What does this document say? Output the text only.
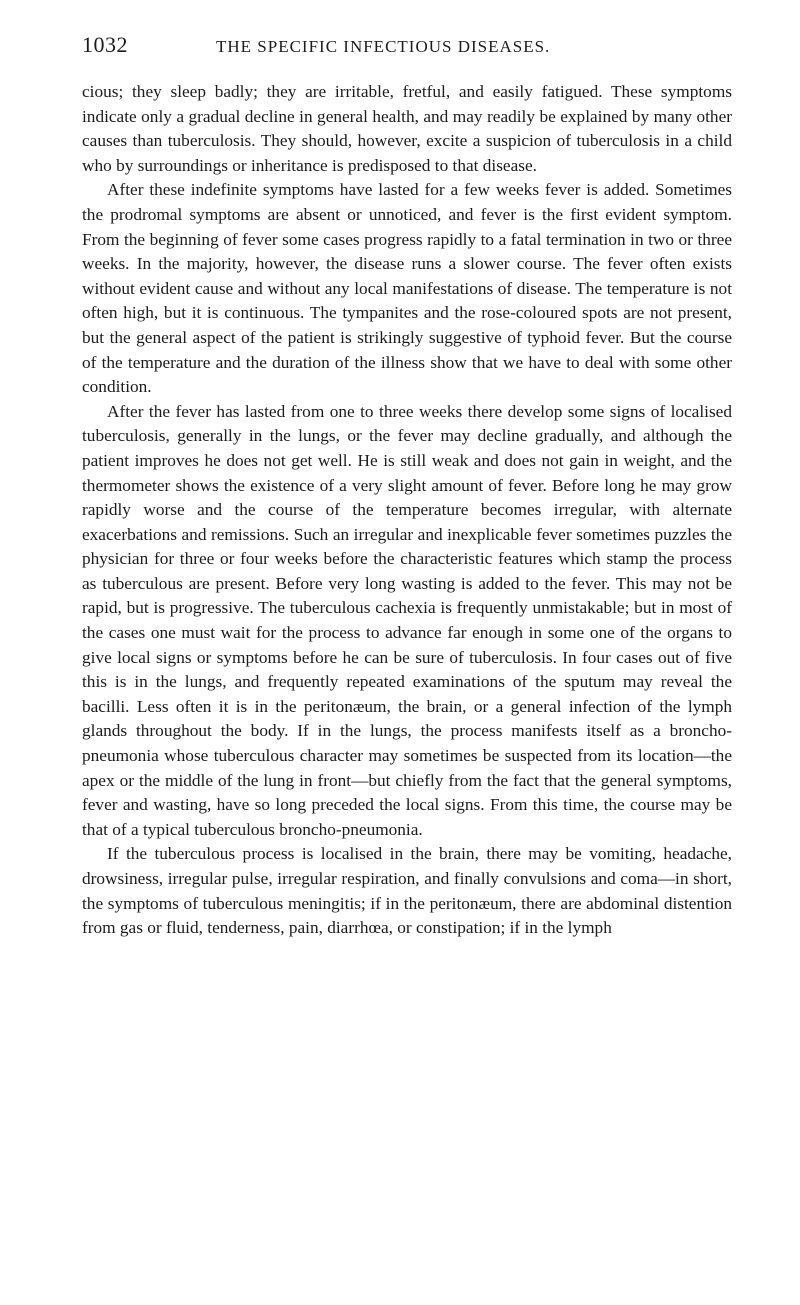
1032	THE SPECIFIC INFECTIOUS DISEASES.

cious; they sleep badly; they are irritable, fretful, and easily fatigued. These symptoms indicate only a gradual decline in general health, and may readily be explained by many other causes than tuberculosis. They should, however, excite a suspicion of tuberculosis in a child who by surroundings or inheritance is predisposed to that disease.

After these indefinite symptoms have lasted for a few weeks fever is added. Sometimes the prodromal symptoms are absent or unnoticed, and fever is the first evident symptom. From the beginning of fever some cases progress rapidly to a fatal termination in two or three weeks. In the majority, however, the disease runs a slower course. The fever often exists without evident cause and without any local manifestations of disease. The temperature is not often high, but it is continuous. The tympanites and the rose-coloured spots are not present, but the general aspect of the patient is strikingly suggestive of typhoid fever. But the course of the temperature and the duration of the illness show that we have to deal with some other condition.

After the fever has lasted from one to three weeks there develop some signs of localised tuberculosis, generally in the lungs, or the fever may decline gradually, and although the patient improves he does not get well. He is still weak and does not gain in weight, and the thermometer shows the existence of a very slight amount of fever. Before long he may grow rapidly worse and the course of the temperature becomes irregular, with alternate exacerbations and remissions. Such an irregular and inexplicable fever sometimes puzzles the physician for three or four weeks before the characteristic features which stamp the process as tuberculous are present. Before very long wasting is added to the fever. This may not be rapid, but is progressive. The tuberculous cachexia is frequently unmistakable; but in most of the cases one must wait for the process to advance far enough in some one of the organs to give local signs or symptoms before he can be sure of tuberculosis. In four cases out of five this is in the lungs, and frequently repeated examinations of the sputum may reveal the bacilli. Less often it is in the peritonæum, the brain, or a general infection of the lymph glands throughout the body. If in the lungs, the process manifests itself as a broncho-pneumonia whose tuberculous character may sometimes be suspected from its location—the apex or the middle of the lung in front—but chiefly from the fact that the general symptoms, fever and wasting, have so long preceded the local signs. From this time, the course may be that of a typical tuberculous broncho-pneumonia.

If the tuberculous process is localised in the brain, there may be vomiting, headache, drowsiness, irregular pulse, irregular respiration, and finally convulsions and coma—in short, the symptoms of tuberculous meningitis; if in the peritonæum, there are abdominal distention from gas or fluid, tenderness, pain, diarrhœa, or constipation; if in the lymph
